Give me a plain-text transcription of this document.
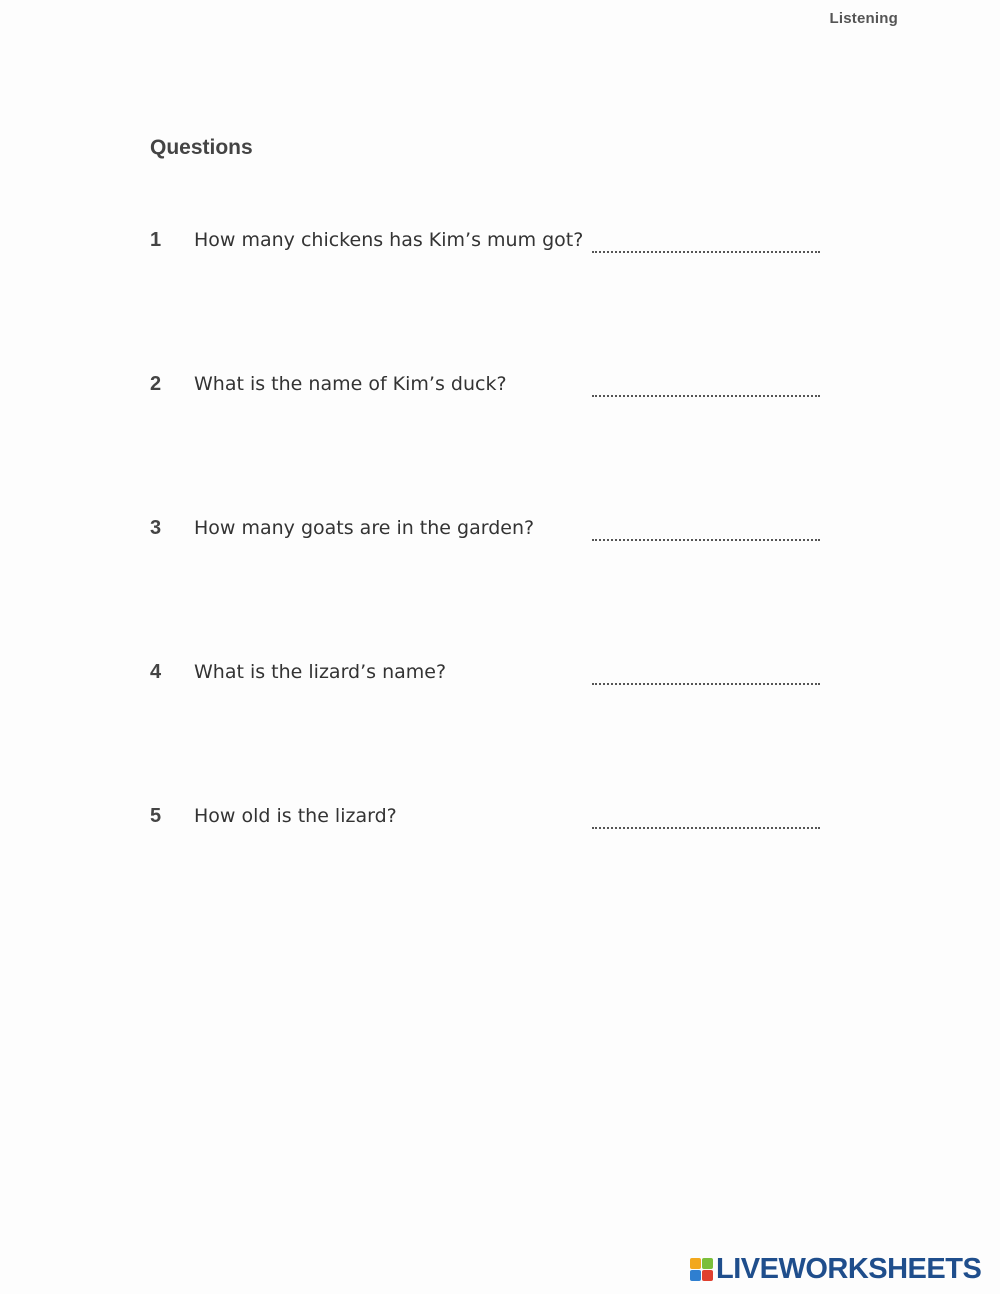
Listening
Questions
1 How many chickens has Kim’s mum got?
2 What is the name of Kim’s duck?
3 How many goats are in the garden?
4 What is the lizard’s name?
5 How old is the lizard?
LIVEWORKSHEETS
